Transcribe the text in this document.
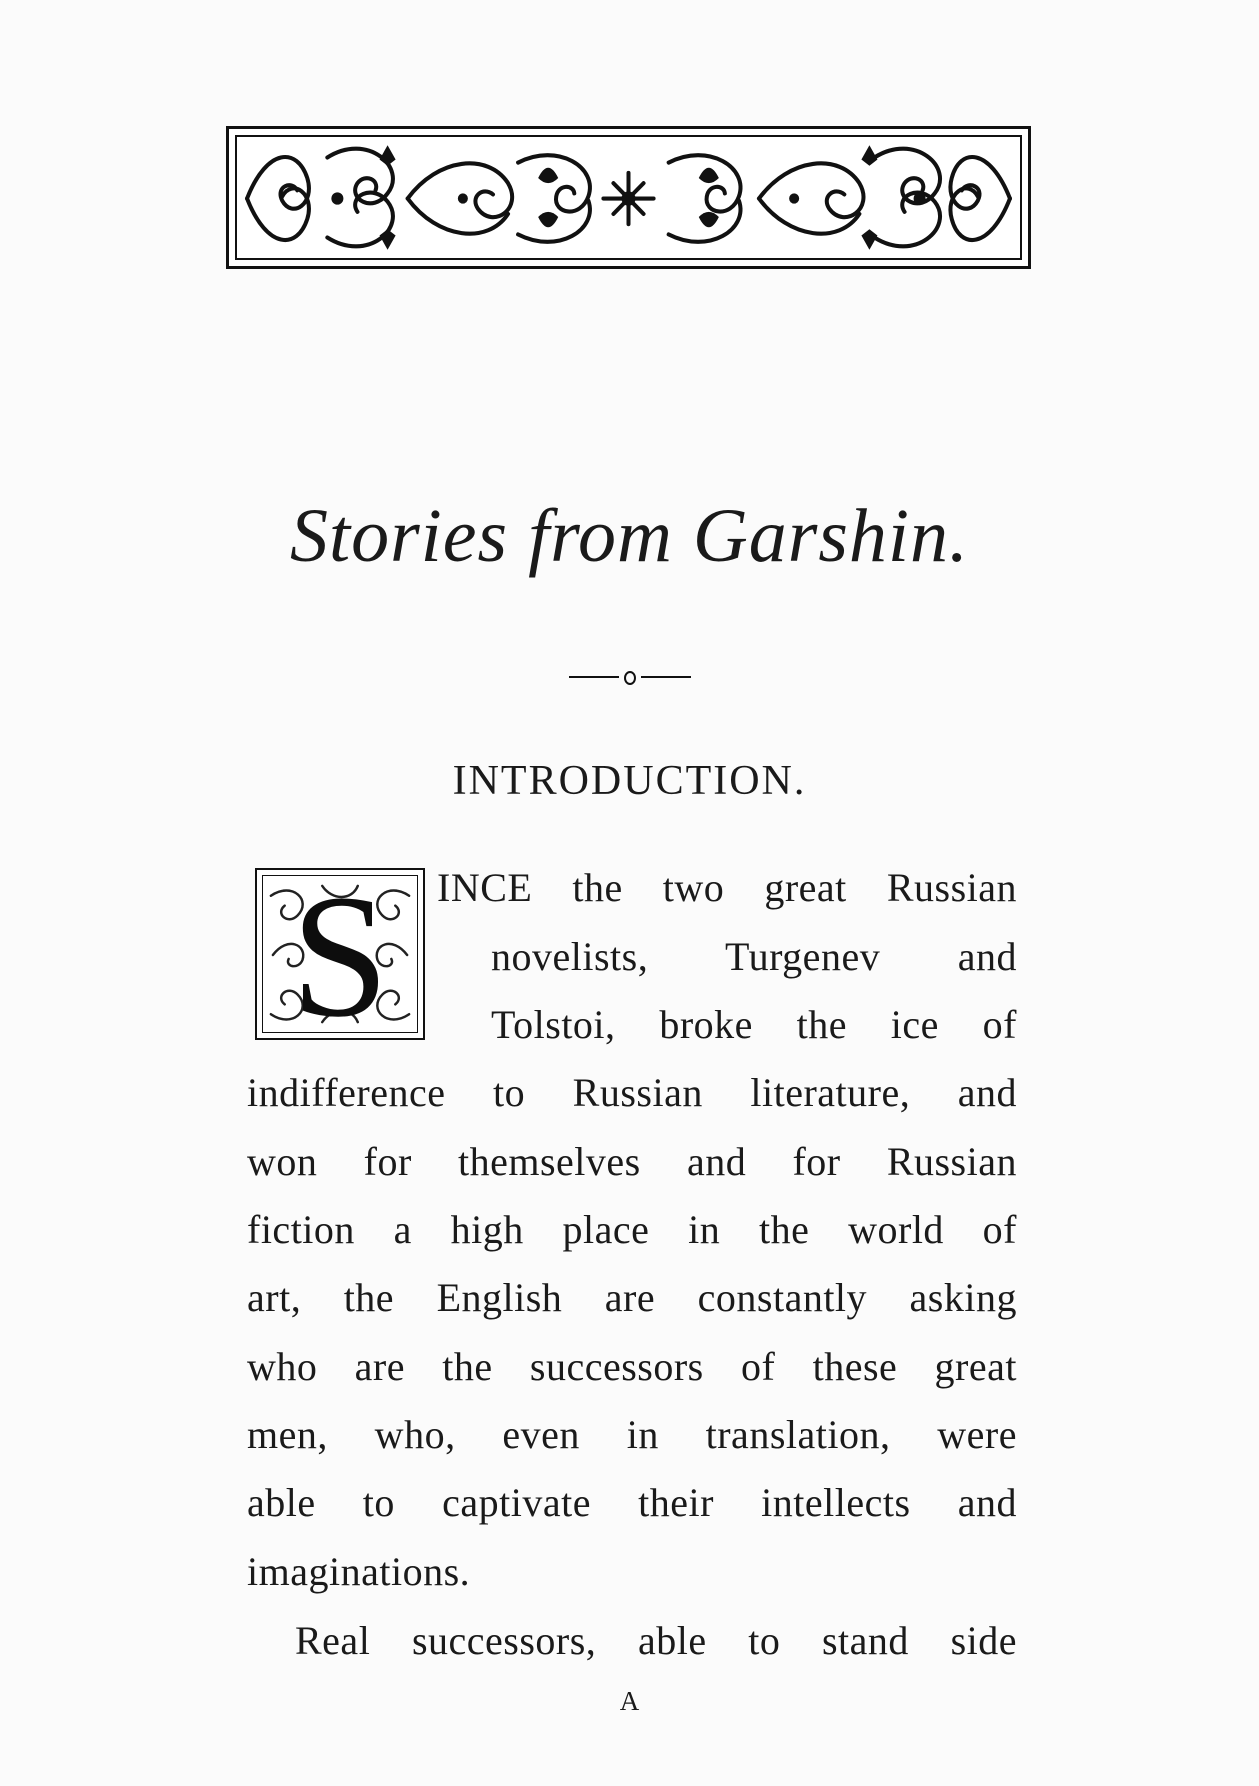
Stories from Garshin.
INTRODUCTION.
S	INCE the two great Russian
novelists, Turgenev and
Tolstoi, broke the ice of
indifference to Russian literature, and
won for themselves and for Russian
fiction a high place in the world of
art, the English are constantly asking
who are the successors of these great
men, who, even in translation, were
able to captivate their intellects and
imaginations.
Real successors, able to stand side
A
